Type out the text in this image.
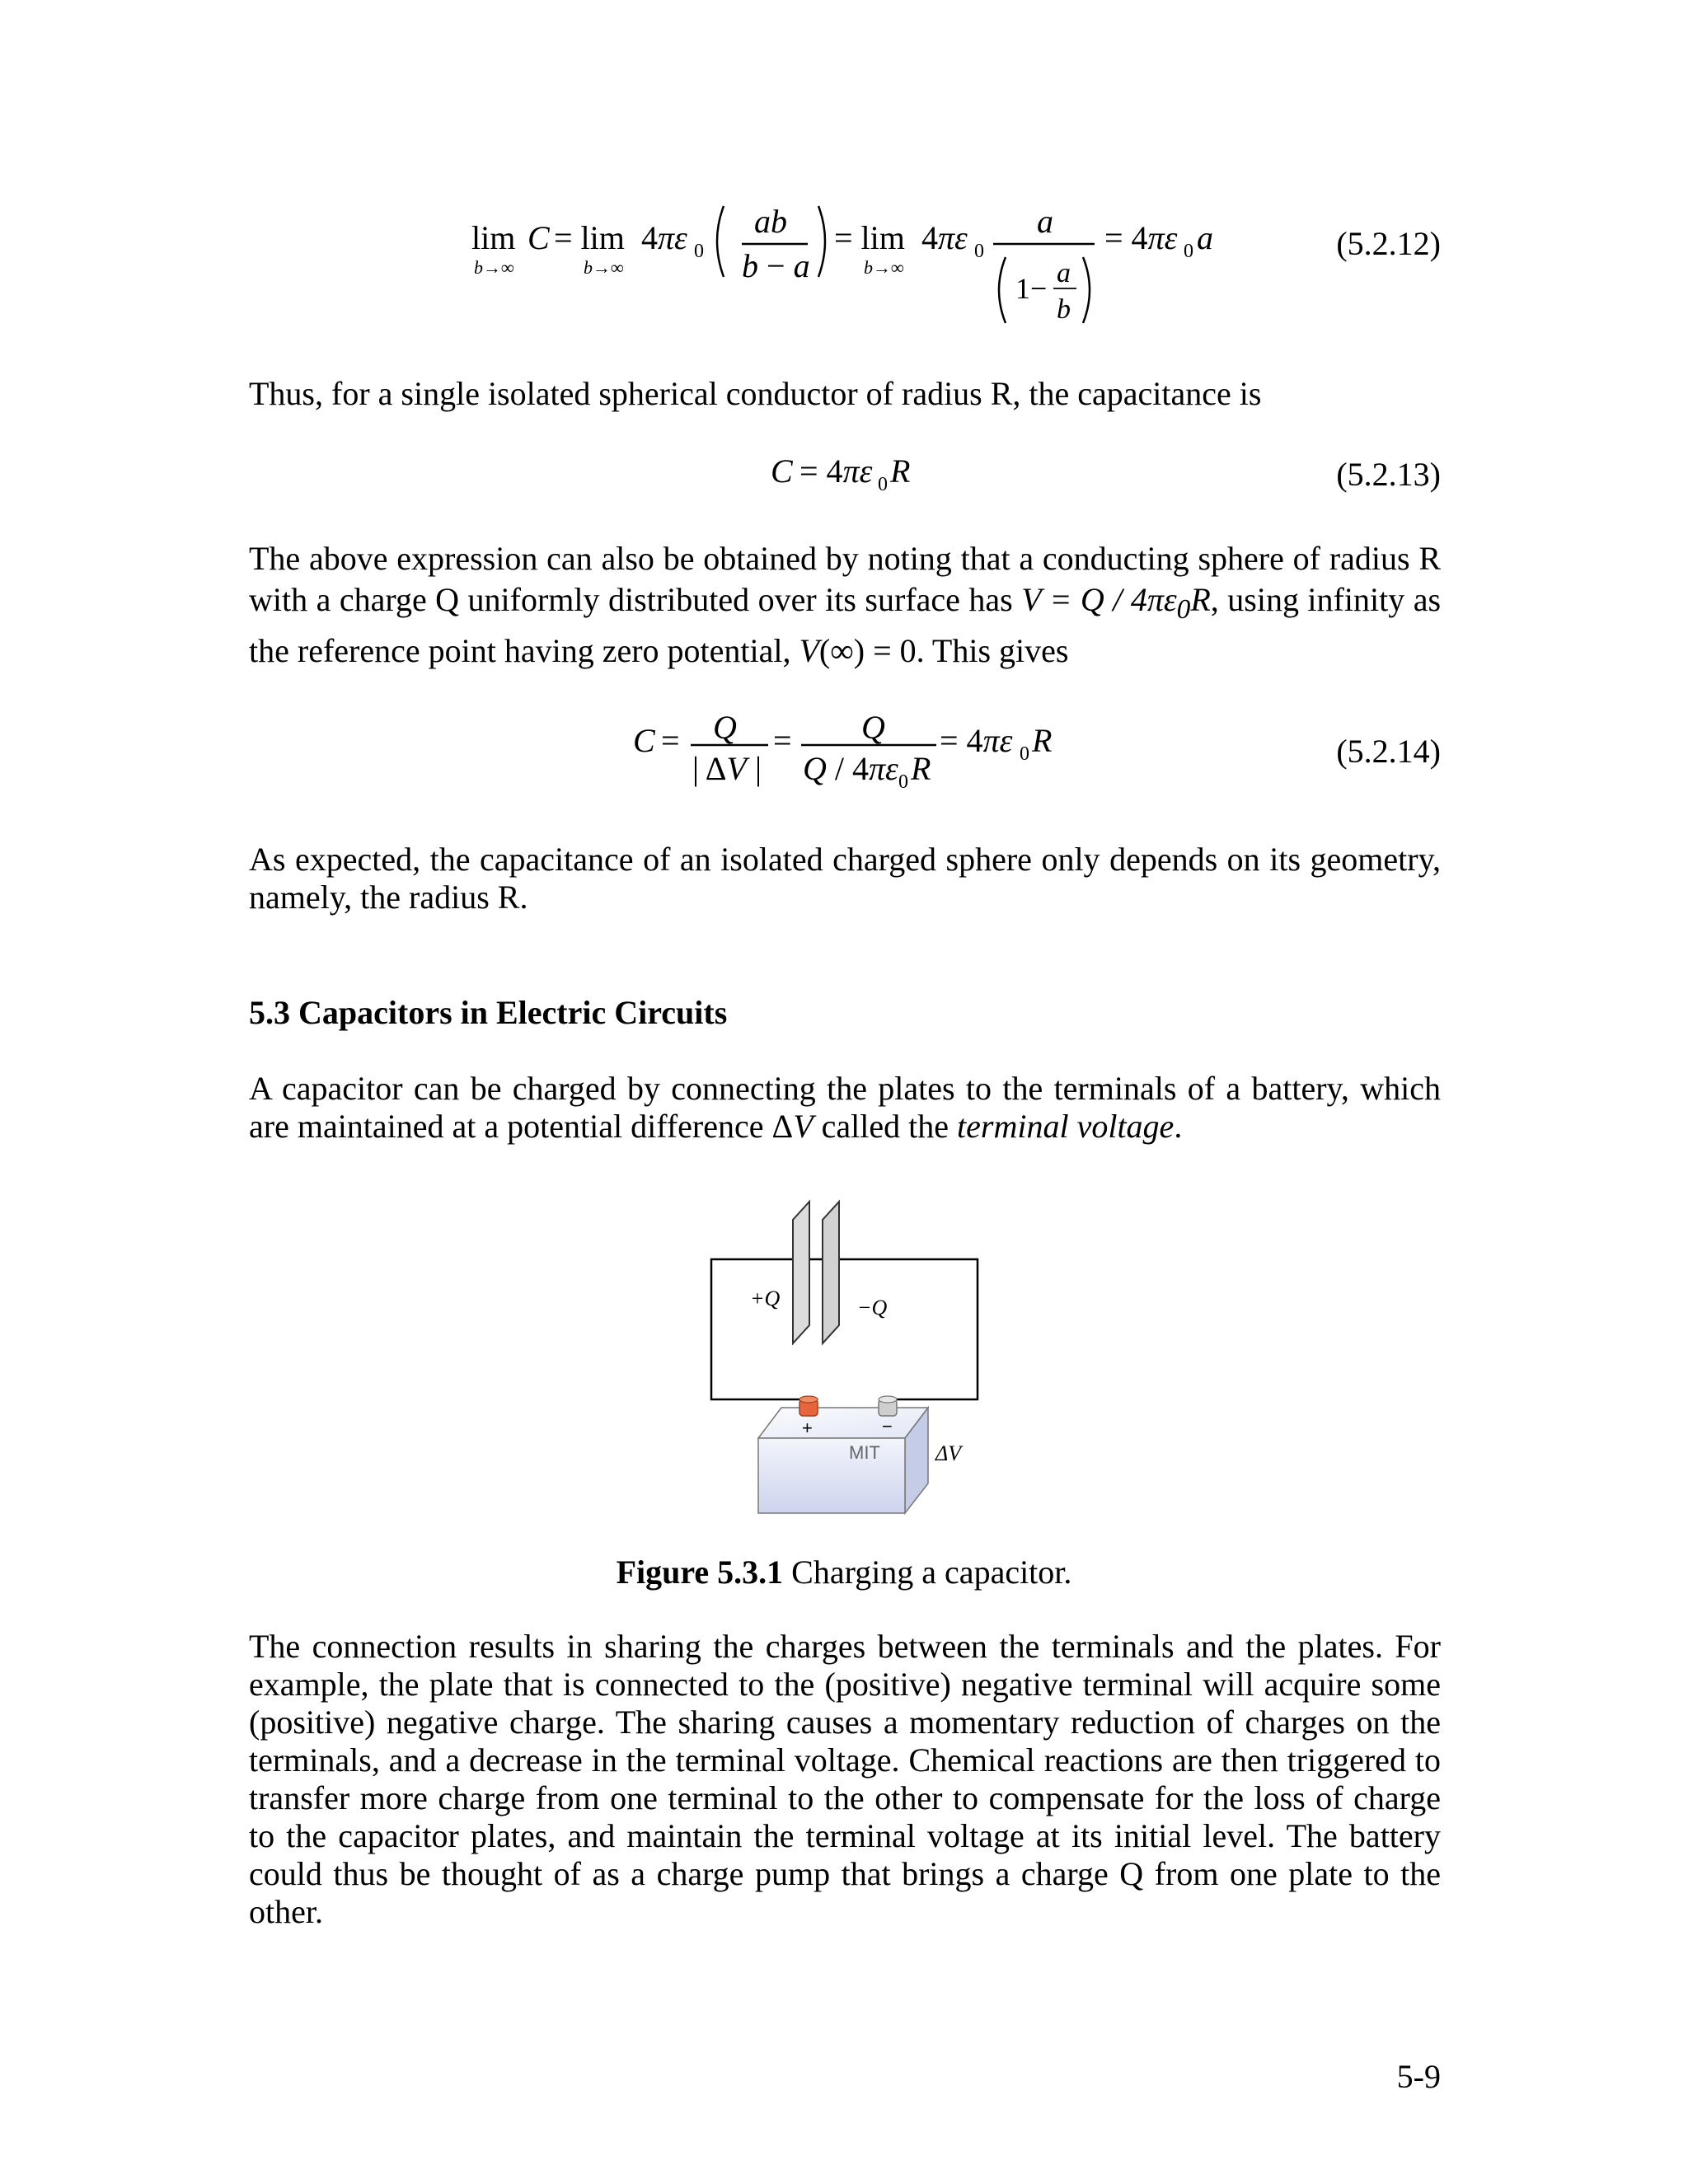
lim
b→∞
C = lim
b→∞
4πε 0
ab
b − a
= lim
b→∞
4πε 0
a
1− a
b
= 4πε 0 a	(5.2.12)

Thus, for a single isolated spherical conductor of radius R, the capacitance is

C = 4πε 0 R	(5.2.13)

The above expression can also be obtained by noting that a conducting sphere of radius R with a charge Q uniformly distributed over its surface has $V = Q / 4\pi\varepsilon_0R$, using infinity as the reference point having zero potential, V(∞) = 0. This gives

C = Q
| ΔV |
= Q
Q / 4πε 0 R
= 4πε 0 R	(5.2.14)

As expected, the capacitance of an isolated charged sphere only depends on its geometry, namely, the radius R.

5.3 Capacitors in Electric Circuits

A capacitor can be charged by connecting the plates to the terminals of a battery, which are maintained at a potential difference ΔV called the terminal voltage.

+Q	−Q
+	−
MIT	ΔV
Figure 5.3.1 Charging a capacitor.

The connection results in sharing the charges between the terminals and the plates. For example, the plate that is connected to the (positive) negative terminal will acquire some (positive) negative charge. The sharing causes a momentary reduction of charges on the terminals, and a decrease in the terminal voltage. Chemical reactions are then triggered to transfer more charge from one terminal to the other to compensate for the loss of charge to the capacitor plates, and maintain the terminal voltage at its initial level. The battery could thus be thought of as a charge pump that brings a charge Q from one plate to the other.

5-9
